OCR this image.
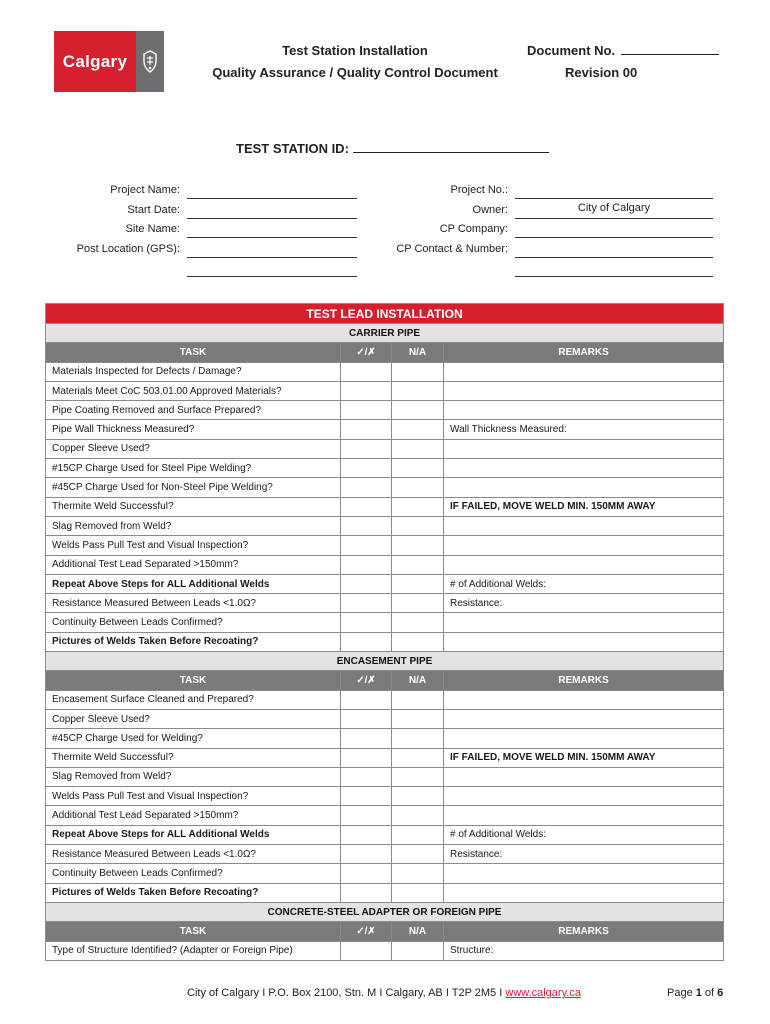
Calgary
Test Station Installation
Quality Assurance / Quality Control Document
Document No.
Revision 00
TEST STATION ID:
Project Name:
Start Date:
Site Name:
Post Location (GPS):
Project No.:
Owner:	City of Calgary
CP Company:
CP Contact & Number:
TEST LEAD INSTALLATION			
CARRIER PIPE			
TASK	✓/✗	N/A	REMARKS
Materials Inspected for Defects / Damage?			
Materials Meet CoC 503.01.00 Approved Materials?			
Pipe Coating Removed and Surface Prepared?			
Pipe Wall Thickness Measured?			Wall Thickness Measured:
Copper Sleeve Used?			
#15CP Charge Used for Steel Pipe Welding?			
#45CP Charge Used for Non-Steel Pipe Welding?			
Thermite Weld Successful?			IF FAILED, MOVE WELD MIN. 150MM AWAY
Slag Removed from Weld?			
Welds Pass Pull Test and Visual Inspection?			
Additional Test Lead Separated >150mm?			
Repeat Above Steps for ALL Additional Welds			# of Additional Welds:
Resistance Measured Between Leads <1.0Ω?			Resistance:
Continuity Between Leads Confirmed?			
Pictures of Welds Taken Before Recoating?			
ENCASEMENT PIPE			
TASK	✓/✗	N/A	REMARKS
Encasement Surface Cleaned and Prepared?			
Copper Sleeve Used?			
#45CP Charge Used for Welding?			
Thermite Weld Successful?			IF FAILED, MOVE WELD MIN. 150MM AWAY
Slag Removed from Weld?			
Welds Pass Pull Test and Visual Inspection?			
Additional Test Lead Separated >150mm?			
Repeat Above Steps for ALL Additional Welds			# of Additional Welds:
Resistance Measured Between Leads <1.0Ω?			Resistance:
Continuity Between Leads Confirmed?			
Pictures of Welds Taken Before Recoating?			
CONCRETE-STEEL ADAPTER OR FOREIGN PIPE			
TASK	✓/✗	N/A	REMARKS
Type of Structure Identified? (Adapter or Foreign Pipe)			Structure:
City of Calgary I P.O. Box 2100, Stn. M I Calgary, AB I T2P 2M5 I www.calgary.ca	Page 1 of 6
